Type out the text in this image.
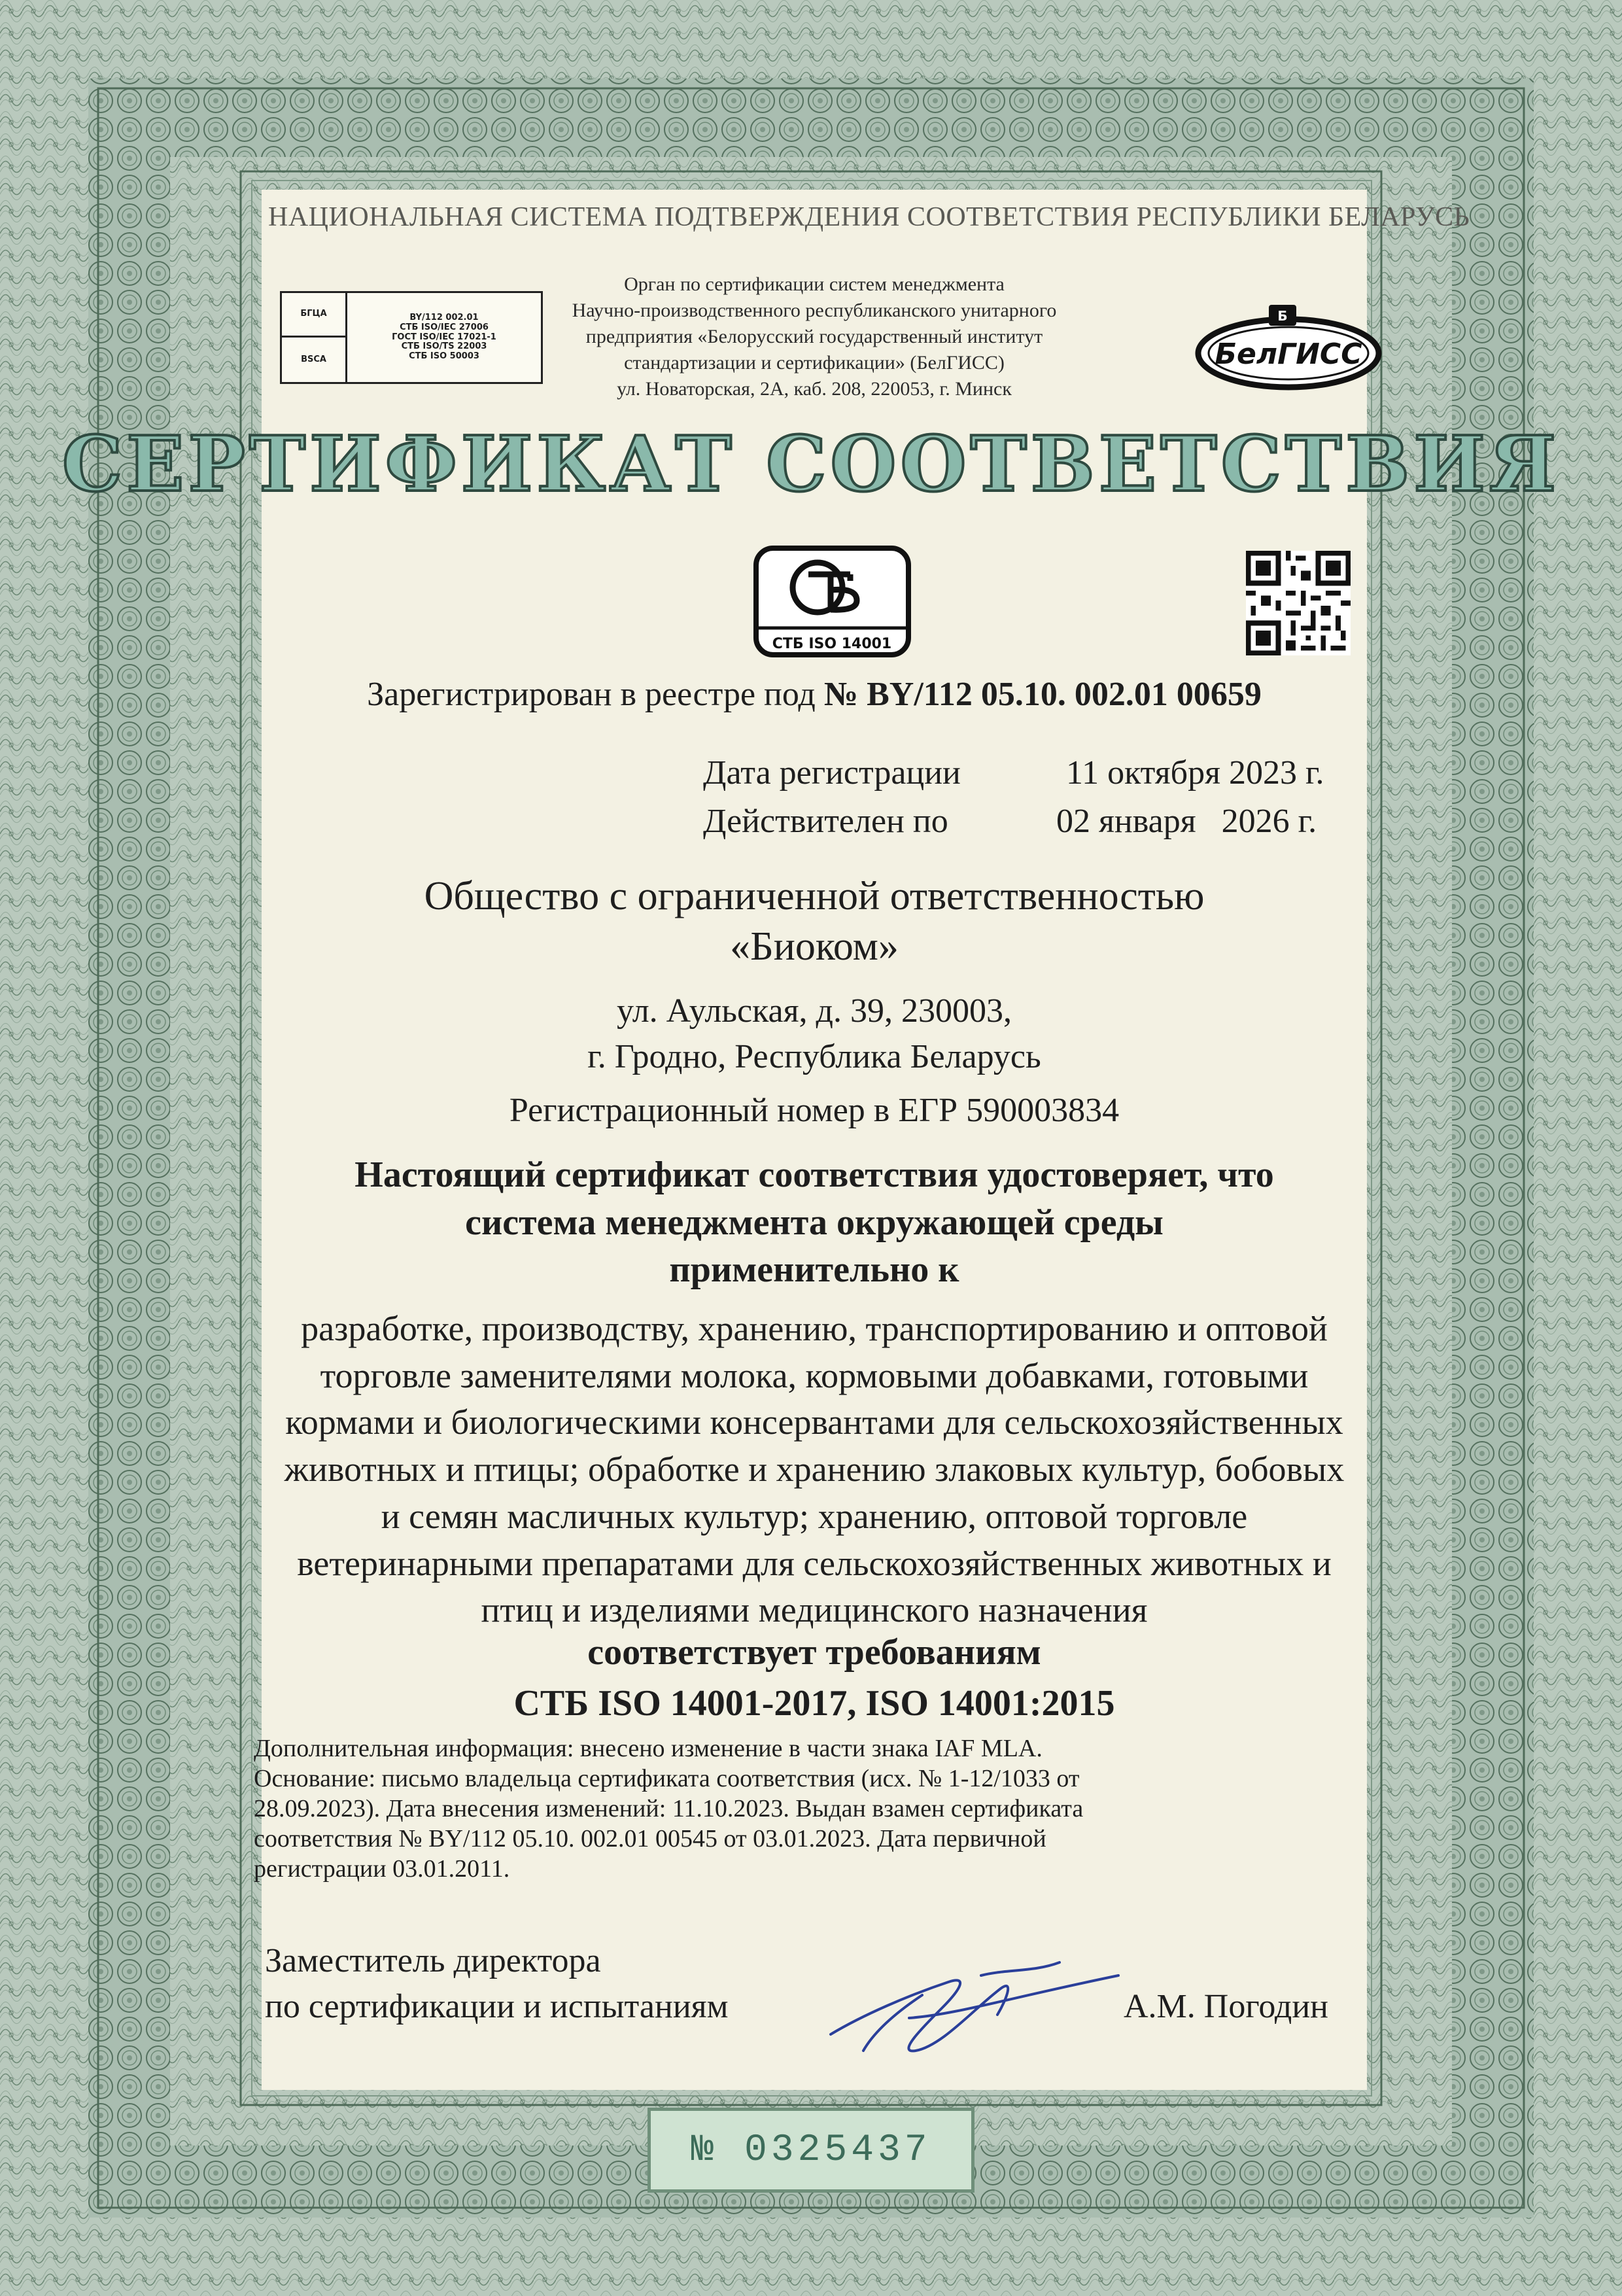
НАЦИОНАЛЬНАЯ СИСТЕМА ПОДТВЕРЖДЕНИЯ СООТВЕТСТВИЯ РЕСПУБЛИКИ БЕЛАРУСЬ
БГЦА
BSCA
BY/112 002.01
СТБ ISO/IEC 27006
ГОСТ ISO/IEC 17021-1
СТБ ISO/TS 22003
СТБ ISO 50003
Орган по сертификации систем менеджмента
Научно-производственного республиканского унитарного
предприятия «Белорусский государственный институт
стандартизации и сертификации» (БелГИСС)
ул. Новаторская, 2А, каб. 208, 220053, г. Минск
Б
БелГИСС
СЕРТИФИКАТ СООТВЕТСТВИЯ
СТБ ISO 14001
Зарегистрирован в реестре под № BY/112 05.10. 002.01 00659
Дата регистрации	11 октября 2023 г.
Действителен по	02 января   2026 г.
Общество с ограниченной ответственностью
«Биоком»
ул. Аульская, д. 39, 230003,
г. Гродно, Республика Беларусь
Регистрационный номер в ЕГР 590003834
Настоящий сертификат соответствия удостоверяет, что
система менеджмента окружающей среды
применительно к
разработке, производству, хранению, транспортированию и оптовой
торговле заменителями молока, кормовыми добавками, готовыми
кормами и биологическими консервантами для сельскохозяйственных
животных и птицы; обработке и хранению злаковых культур, бобовых
и семян масличных культур; хранению, оптовой торговле
ветеринарными препаратами для сельскохозяйственных животных и
птиц и изделиями медицинского назначения
соответствует требованиям
СТБ ISO 14001-2017, ISO 14001:2015
Дополнительная информация: внесено изменение в части знака IAF MLA.
Основание: письмо владельца сертификата соответствия (исх. № 1-12/1033 от
28.09.2023). Дата внесения изменений: 11.10.2023. Выдан взамен сертификата
соответствия № BY/112 05.10. 002.01 00545 от 03.01.2023. Дата первичной
регистрации 03.01.2011.
Заместитель директора
по сертификации и испытаниям	А.М. Погодин
№ 0325437
